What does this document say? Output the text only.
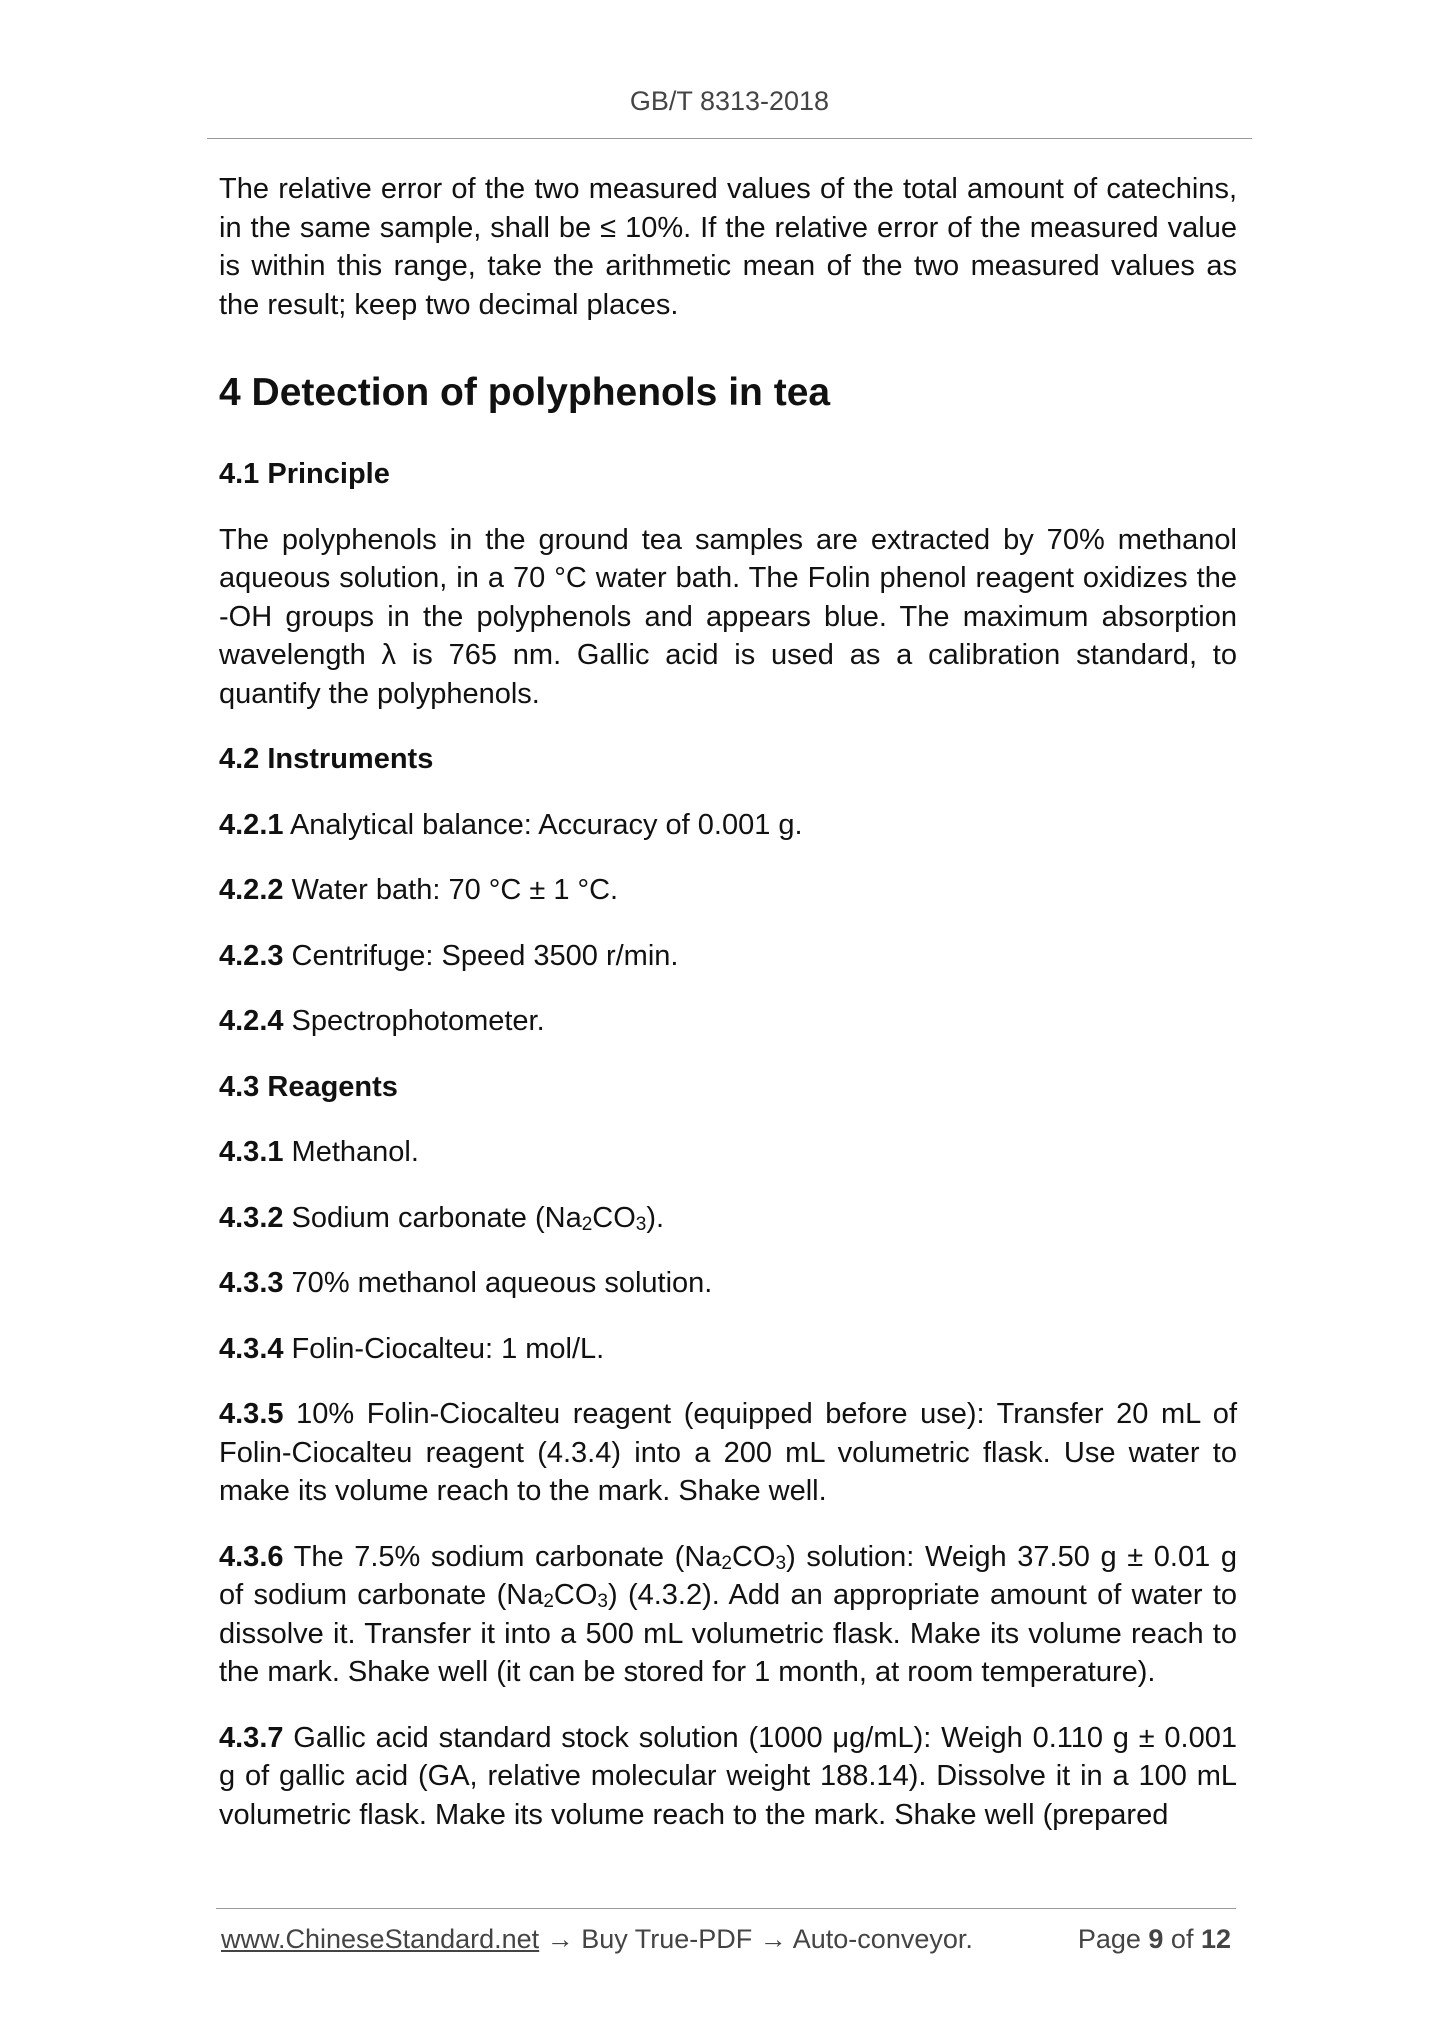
GB/T 8313-2018

The relative error of the two measured values of the total amount of catechins, in the same sample, shall be ≤ 10%. If the relative error of the measured value is within this range, take the arithmetic mean of the two measured values as the result; keep two decimal places.

4 Detection of polyphenols in tea
4.1 Principle

The polyphenols in the ground tea samples are extracted by 70% methanol aqueous solution, in a 70 °C water bath. The Folin phenol reagent oxidizes the -OH groups in the polyphenols and appears blue. The maximum absorption wavelength λ is 765 nm. Gallic acid is used as a calibration standard, to quantify the polyphenols.

4.2 Instruments

4.2.1 Analytical balance: Accuracy of 0.001 g.

4.2.2 Water bath: 70 °C ± 1 °C.

4.2.3 Centrifuge: Speed 3500 r/min.

4.2.4 Spectrophotometer.

4.3 Reagents

4.3.1 Methanol.

4.3.2 Sodium carbonate $(Na_2CO_3)$.

4.3.3 70% methanol aqueous solution.

4.3.4 Folin-Ciocalteu: 1 mol/L.

4.3.5 10% Folin-Ciocalteu reagent (equipped before use): Transfer 20 mL of Folin-Ciocalteu reagent (4.3.4) into a 200 mL volumetric flask. Use water to make its volume reach to the mark. Shake well.

4.3.6 The 7.5% sodium carbonate $(Na_2CO_3)$ solution: Weigh 37.50 g ± 0.01 g of sodium carbonate $(Na_2CO_3)$ (4.3.2). Add an appropriate amount of water to dissolve it. Transfer it into a 500 mL volumetric flask. Make its volume reach to the mark. Shake well (it can be stored for 1 month, at room temperature).

4.3.7 Gallic acid standard stock solution (1000 μg/mL): Weigh 0.110 g ± 0.001 g of gallic acid (GA, relative molecular weight 188.14). Dissolve it in a 100 mL volumetric flask. Make its volume reach to the mark. Shake well (prepared

www.ChineseStandard.net → Buy True-PDF → Auto-conveyor.	Page 9 of 12
